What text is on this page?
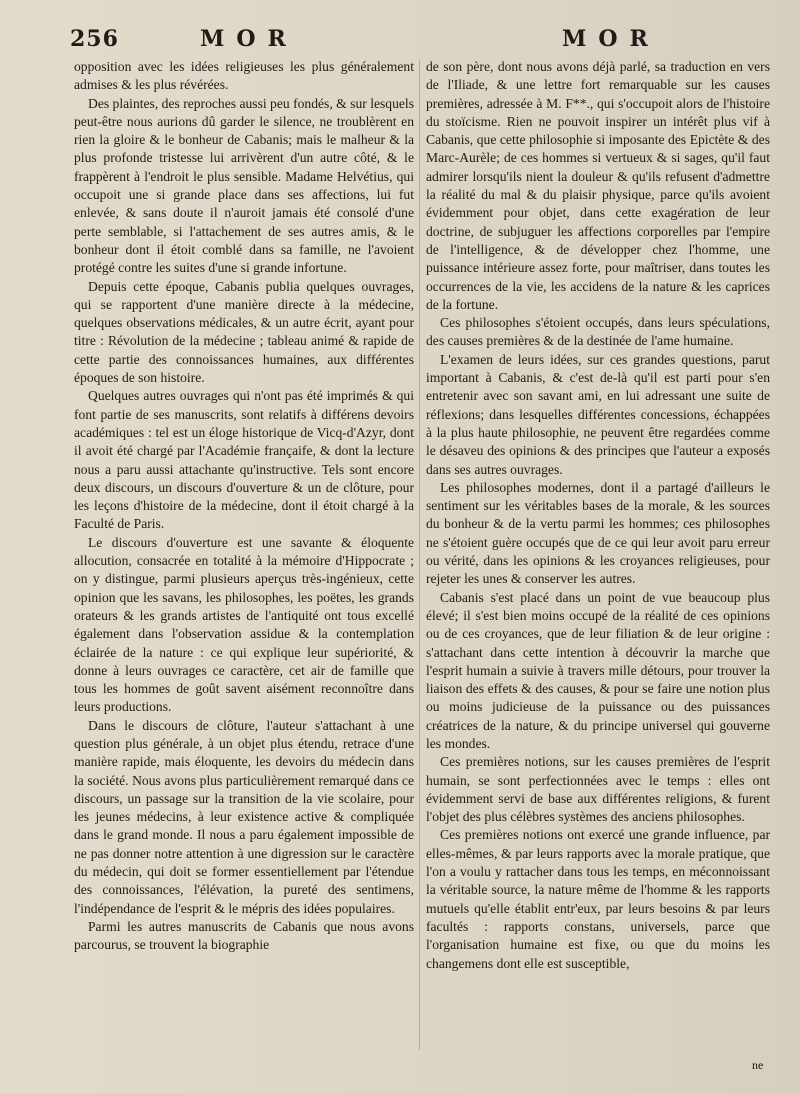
256	MOR	MOR

opposition avec les idées religieuses les plus généralement admises & les plus révérées.

Des plaintes, des reproches aussi peu fondés, & sur lesquels peut-être nous aurions dû garder le silence, ne troublèrent en rien la gloire & le bonheur de Cabanis; mais le malheur & la plus profonde tristesse lui arrivèrent d'un autre côté, & le frappèrent à l'endroit le plus sensible. Madame Helvétius, qui occupoit une si grande place dans ses affections, lui fut enlevée, & sans doute il n'auroit jamais été consolé d'une perte semblable, si l'attachement de ses autres amis, & le bonheur dont il étoit comblé dans sa famille, ne l'avoient protégé contre les suites d'une si grande infortune.

Depuis cette époque, Cabanis publia quelques ouvrages, qui se rapportent d'une manière directe à la médecine, quelques observations médicales, & un autre écrit, ayant pour titre : Révolution de la médecine ; tableau animé & rapide de cette partie des connoissances humaines, aux différentes époques de son histoire.

Quelques autres ouvrages qui n'ont pas été imprimés & qui font partie de ses manuscrits, sont relatifs à différens devoirs académiques : tel est un éloge historique de Vicq-d'Azyr, dont il avoit été chargé par l'Académie françaife, & dont la lecture nous a paru aussi attachante qu'instructive. Tels sont encore deux discours, un discours d'ouverture & un de clôture, pour les leçons d'histoire de la médecine, dont il étoit chargé à la Faculté de Paris.

Le discours d'ouverture est une savante & éloquente allocution, consacrée en totalité à la mémoire d'Hippocrate ; on y distingue, parmi plusieurs aperçus très-ingénieux, cette opinion que les savans, les philosophes, les poëtes, les grands orateurs & les grands artistes de l'antiquité ont tous excellé également dans l'observation assidue & la contemplation éclairée de la nature : ce qui explique leur supériorité, & donne à leurs ouvrages ce caractère, cet air de famille que tous les hommes de goût savent aisément reconnoître dans leurs productions.

Dans le discours de clôture, l'auteur s'attachant à une question plus générale, à un objet plus étendu, retrace d'une manière rapide, mais éloquente, les devoirs du médecin dans la société. Nous avons plus particulièrement remarqué dans ce discours, un passage sur la transition de la vie scolaire, pour les jeunes médecins, à leur existence active & compliquée dans le grand monde. Il nous a paru également impossible de ne pas donner notre attention à une digression sur le caractère du médecin, qui doit se former essentiellement par l'étendue des connoissances, l'élévation, la pureté des sentimens, l'indépendance de l'esprit & le mépris des idées populaires.

Parmi les autres manuscrits de Cabanis que nous avons parcourus, se trouvent la biographie

de son père, dont nous avons déjà parlé, sa traduction en vers de l'Iliade, & une lettre fort remarquable sur les causes premières, adressée à M. F**., qui s'occupoit alors de l'histoire du stoïcisme. Rien ne pouvoit inspirer un intérêt plus vif à Cabanis, que cette philosophie si imposante des Epictète & des Marc-Aurèle; de ces hommes si vertueux & si sages, qu'il faut admirer lorsqu'ils nient la douleur & qu'ils refusent d'admettre la réalité du mal & du plaisir physique, parce qu'ils avoient évidemment pour objet, dans cette exagération de leur doctrine, de subjuguer les affections corporelles par l'empire de l'intelligence, & de développer chez l'homme, une puissance intérieure assez forte, pour maîtriser, dans toutes les occurrences de la vie, les accidens de la nature & les caprices de la fortune.

Ces philosophes s'étoient occupés, dans leurs spéculations, des causes premières & de la destinée de l'ame humaine.

L'examen de leurs idées, sur ces grandes questions, parut important à Cabanis, & c'est de-là qu'il est parti pour s'en entretenir avec son savant ami, en lui adressant une suite de réflexions; dans lesquelles différentes concessions, échappées à la plus haute philosophie, ne peuvent être regardées comme le désaveu des opinions & des principes que l'auteur a exposés dans ses autres ouvrages.

Les philosophes modernes, dont il a partagé d'ailleurs le sentiment sur les véritables bases de la morale, & les sources du bonheur & de la vertu parmi les hommes; ces philosophes ne s'étoient guère occupés que de ce qui leur avoit paru erreur ou vérité, dans les opinions & les croyances religieuses, pour rejeter les unes & conserver les autres.

Cabanis s'est placé dans un point de vue beaucoup plus élevé; il s'est bien moins occupé de la réalité de ces opinions ou de ces croyances, que de leur filiation & de leur origine : s'attachant dans cette intention à découvrir la marche que l'esprit humain a suivie à travers mille détours, pour trouver la liaison des effets & des causes, & pour se faire une notion plus ou moins judicieuse de la puissance ou des puissances créatrices de la nature, & du principe universel qui gouverne les mondes.

Ces premières notions, sur les causes premières de l'esprit humain, se sont perfectionnées avec le temps : elles ont évidemment servi de base aux différentes religions, & furent l'objet des plus célèbres systèmes des anciens philosophes.

Ces premières notions ont exercé une grande influence, par elles-mêmes, & par leurs rapports avec la morale pratique, que l'on a voulu y rattacher dans tous les temps, en méconnoissant la véritable source, la nature même de l'homme & les rapports mutuels qu'elle établit entr'eux, par leurs besoins & par leurs facultés : rapports constans, universels, parce que l'organisation humaine est fixe, ou que du moins les changemens dont elle est susceptible,

ne
